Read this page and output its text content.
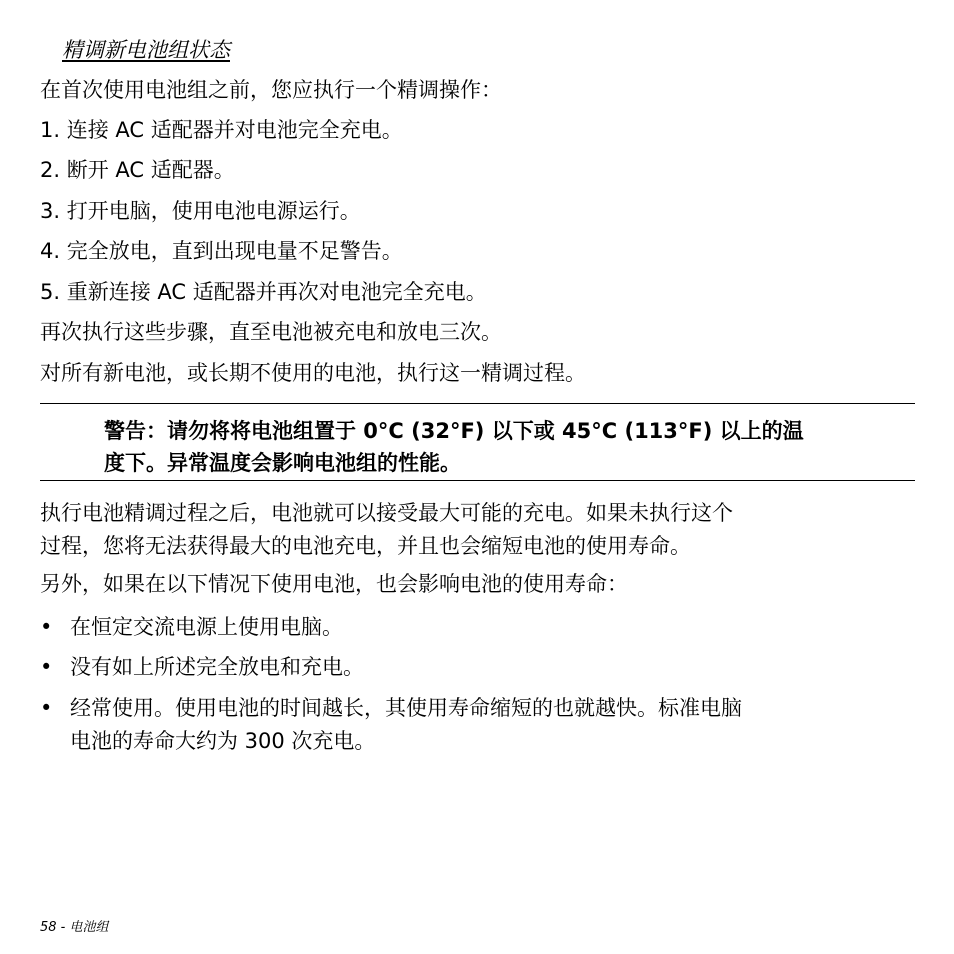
精调新电池组状态
在首次使用电池组之前，您应执行一个精调操作：
1. 连接 AC 适配器并对电池完全充电。
2. 断开 AC 适配器。
3. 打开电脑，使用电池电源运行。
4. 完全放电，直到出现电量不足警告。
5. 重新连接 AC 适配器并再次对电池完全充电。
再次执行这些步骤，直至电池被充电和放电三次。
对所有新电池，或长期不使用的电池，执行这一精调过程。
警告：请勿将将电池组置于 0°C (32°F) 以下或 45°C (113°F) 以上的温
度下。异常温度会影响电池组的性能。
执行电池精调过程之后，电池就可以接受最大可能的充电。如果未执行这个
过程，您将无法获得最大的电池充电，并且也会缩短电池的使用寿命。
另外，如果在以下情况下使用电池，也会影响电池的使用寿命：
• 在恒定交流电源上使用电脑。
• 没有如上所述完全放电和充电。
• 经常使用。使用电池的时间越长，其使用寿命缩短的也就越快。标准电脑
电池的寿命大约为 300 次充电。
58 - 电池组
